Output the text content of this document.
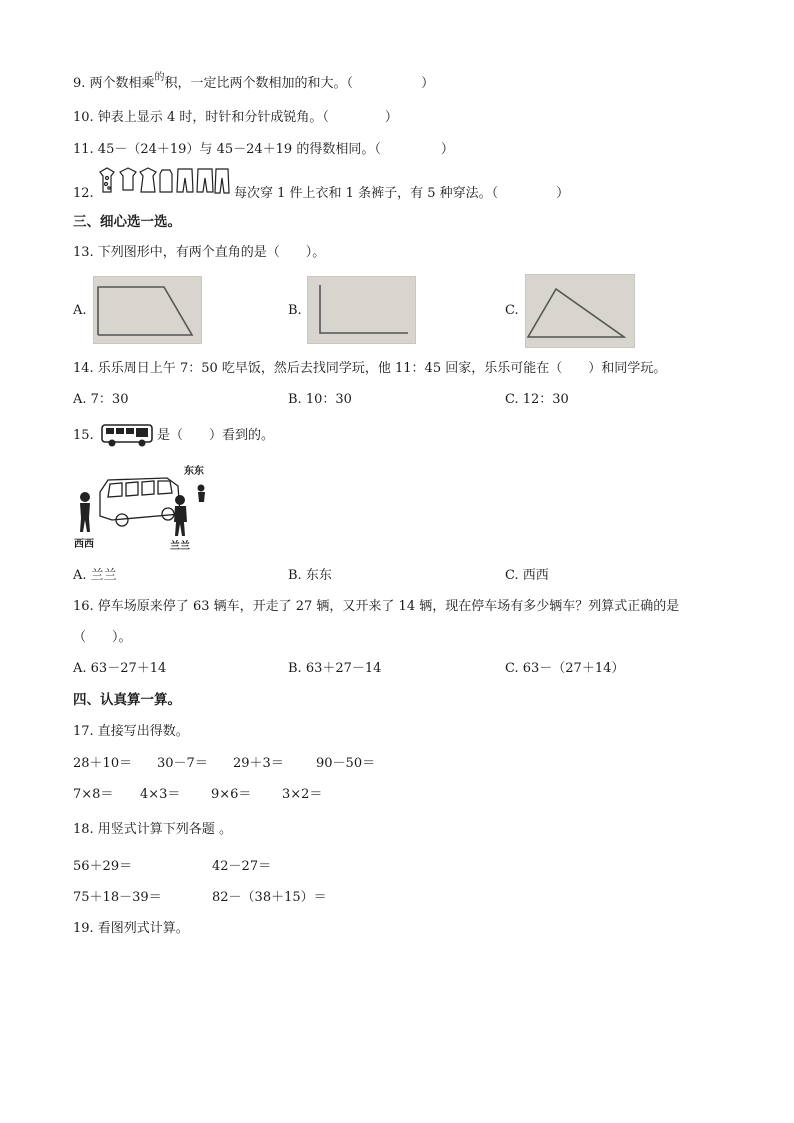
9. 两个数相乘$^的$积，一定比两个数相加的和大。（	）
10. 钟表上显示 4 时，时针和分针成锐角。（	）
11. 45－（24＋19）与 45－24＋19 的得数相同。（	）
12.	每次穿 1 件上衣和 1 条裤子，有 5 种穿法。（	）
三、细心选一选。
13. 下列图形中，有两个直角的是（　　）。
A.	B.	C.
14. 乐乐周日上午 7：50 吃早饭，然后去找同学玩，他 11：45 回家，乐乐可能在（　　）和同学玩。
A. 7：30	B. 10：30	C. 12：30
15.	是（　　）看到的。
东东
西西	兰兰
A. 兰兰	B. 东东	C. 西西
16. 停车场原来停了 63 辆车，开走了 27 辆，又开来了 14 辆，现在停车场有多少辆车？列算式正确的是
（　　）。
A. 63－27＋14	B. 63＋27－14	C. 63－（27＋14）
四、认真算一算。
17. 直接写出得数。
28＋10＝ 30－7＝ 29＋3＝ 90－50＝
7×8＝ 4×3＝ 9×6＝ 3×2＝
18. 用竖式计算下列各题 。
56＋29＝	42－27＝
75＋18－39＝	82－（38＋15）＝
19. 看图列式计算。
